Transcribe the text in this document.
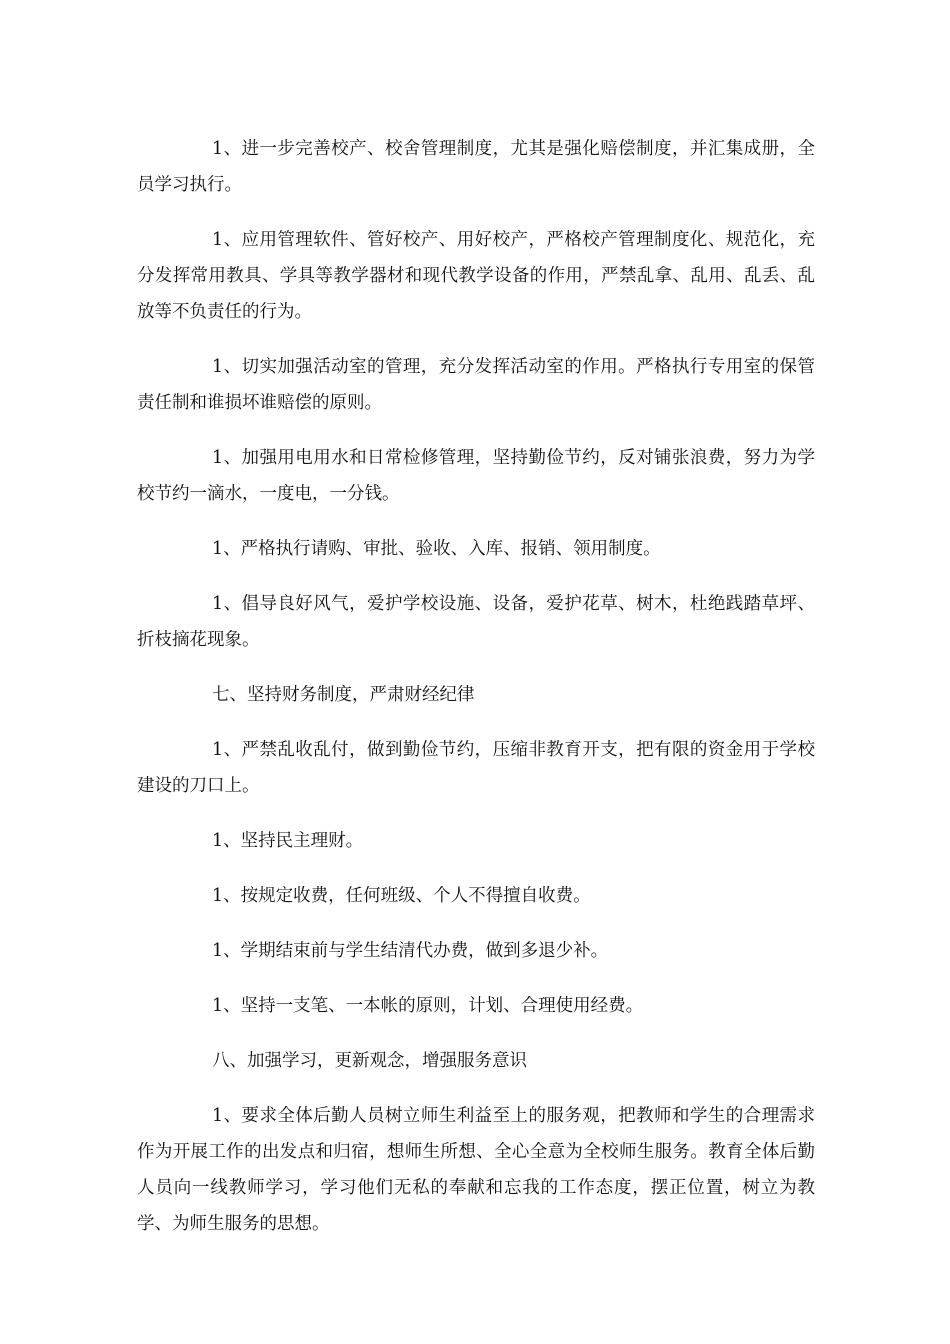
1、进一步完善校产、校舍管理制度，尤其是强化赔偿制度，并汇集成册，全员学习执行。

1、应用管理软件、管好校产、用好校产，严格校产管理制度化、规范化，充分发挥常用教具、学具等教学器材和现代教学设备的作用，严禁乱拿、乱用、乱丢、乱放等不负责任的行为。

1、切实加强活动室的管理，充分发挥活动室的作用。严格执行专用室的保管责任制和谁损坏谁赔偿的原则。

1、加强用电用水和日常检修管理，坚持勤俭节约，反对铺张浪费，努力为学校节约一滴水，一度电，一分钱。

1、严格执行请购、审批、验收、入库、报销、领用制度。

1、倡导良好风气，爱护学校设施、设备，爱护花草、树木，杜绝践踏草坪、折枝摘花现象。

七、坚持财务制度，严肃财经纪律

1、严禁乱收乱付，做到勤俭节约，压缩非教育开支，把有限的资金用于学校建设的刀口上。

1、坚持民主理财。

1、按规定收费，任何班级、个人不得擅自收费。

1、学期结束前与学生结清代办费，做到多退少补。

1、坚持一支笔、一本帐的原则，计划、合理使用经费。

八、加强学习，更新观念，增强服务意识

1、要求全体后勤人员树立师生利益至上的服务观，把教师和学生的合理需求作为开展工作的出发点和归宿，想师生所想、全心全意为全校师生服务。教育全体后勤人员向一线教师学习，学习他们无私的奉献和忘我的工作态度，摆正位置，树立为教学、为师生服务的思想。
